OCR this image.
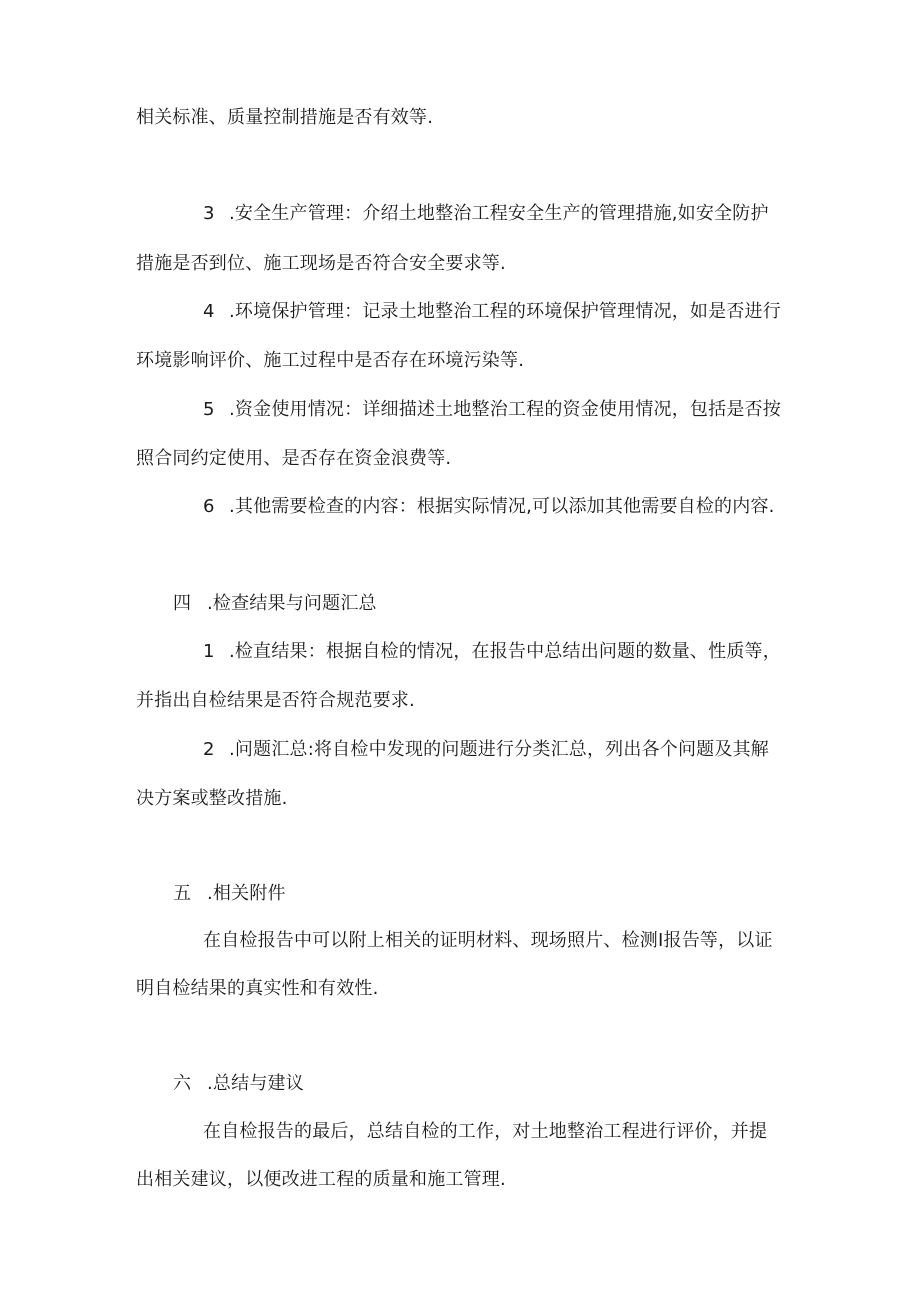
相关标准、质量控制措施是否有效等.
3 .安全生产管理：介绍土地整治工程安全生产的管理措施,如安全防护
措施是否到位、施工现场是否符合安全要求等.
4 .环境保护管理：记录土地整治工程的环境保护管理情况，如是否进行
环境影响评价、施工过程中是否存在环境污染等.
5 .资金使用情况：详细描述土地整治工程的资金使用情况，包括是否按
照合同约定使用、是否存在资金浪费等.
6 .其他需要检查的内容：根据实际情况,可以添加其他需要自检的内容.
四 .检查结果与问题汇总
1 .检直结果：根据自检的情况，在报告中总结出问题的数量、性质等，
并指出自检结果是否符合规范要求.
2 .问题汇总:将自检中发现的问题进行分类汇总，列出各个问题及其解
决方案或整改措施.
五 .相关附件
在自检报告中可以附上相关的证明材料、现场照片、检测I报告等，以证
明自检结果的真实性和有效性.
六 .总结与建议
在自检报告的最后，总结自检的工作，对土地整治工程进行评价，并提
出相关建议，以便改进工程的质量和施工管理.
